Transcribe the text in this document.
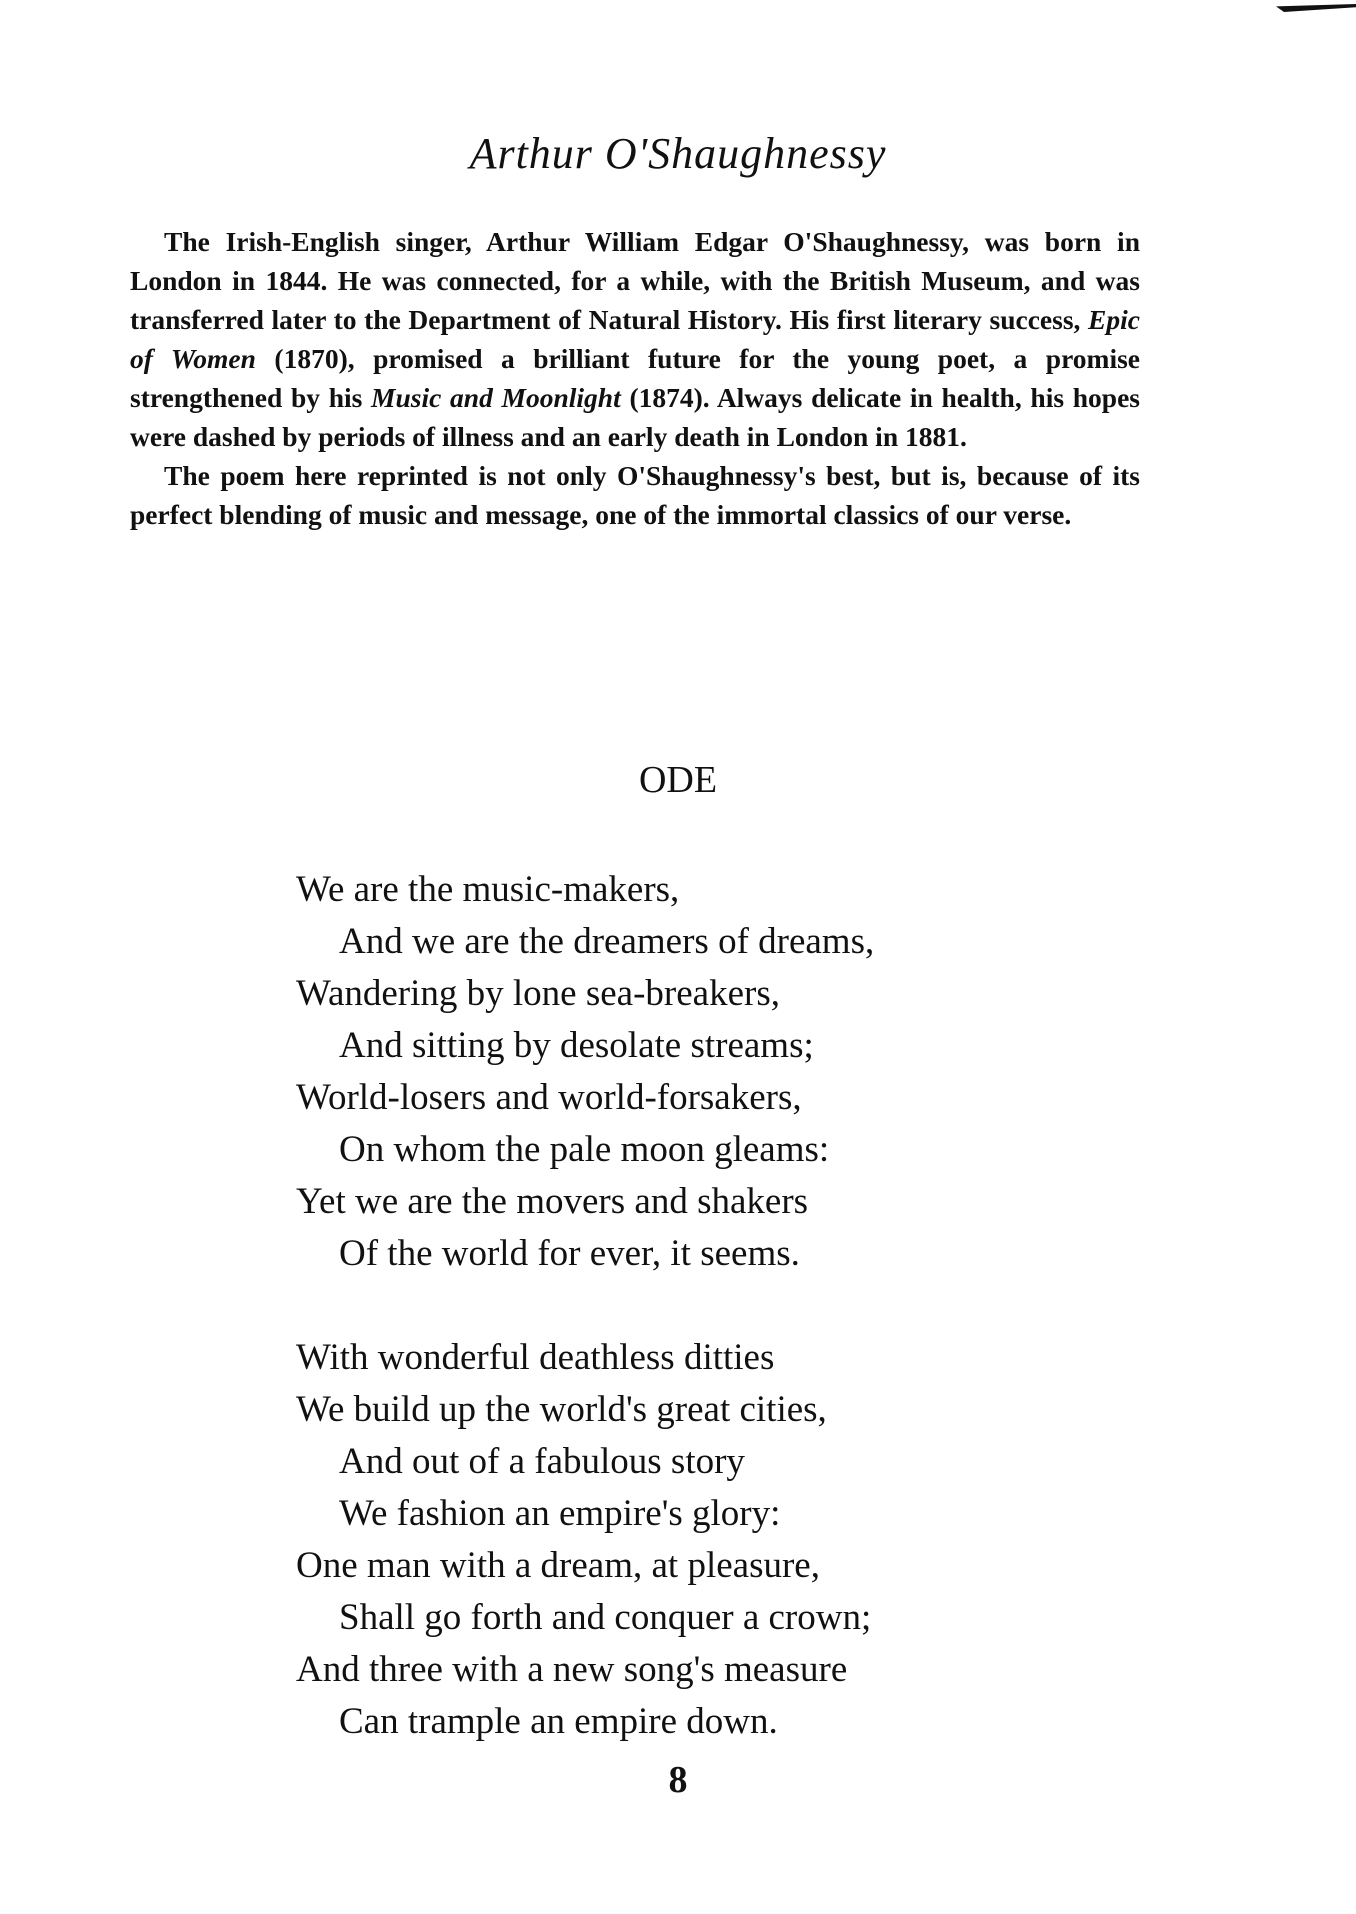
Arthur O'Shaughnessy

The Irish-English singer, Arthur William Edgar O'Shaughnessy, was born in London in 1844. He was connected, for a while, with the British Museum, and was transferred later to the Department of Natural History. His first literary success, Epic of Women (1870), promised a brilliant future for the young poet, a promise strengthened by his Music and Moonlight (1874). Always delicate in health, his hopes were dashed by periods of illness and an early death in London in 1881.

The poem here reprinted is not only O'Shaughnessy's best, but is, because of its perfect blending of music and message, one of the immortal classics of our verse.

ODE
We are the music-makers,
And we are the dreamers of dreams,
Wandering by lone sea-breakers,
And sitting by desolate streams;
World-losers and world-forsakers,
On whom the pale moon gleams:
Yet we are the movers and shakers
Of the world for ever, it seems.
With wonderful deathless ditties
We build up the world's great cities,
And out of a fabulous story
We fashion an empire's glory:
One man with a dream, at pleasure,
Shall go forth and conquer a crown;
And three with a new song's measure
Can trample an empire down.
8
